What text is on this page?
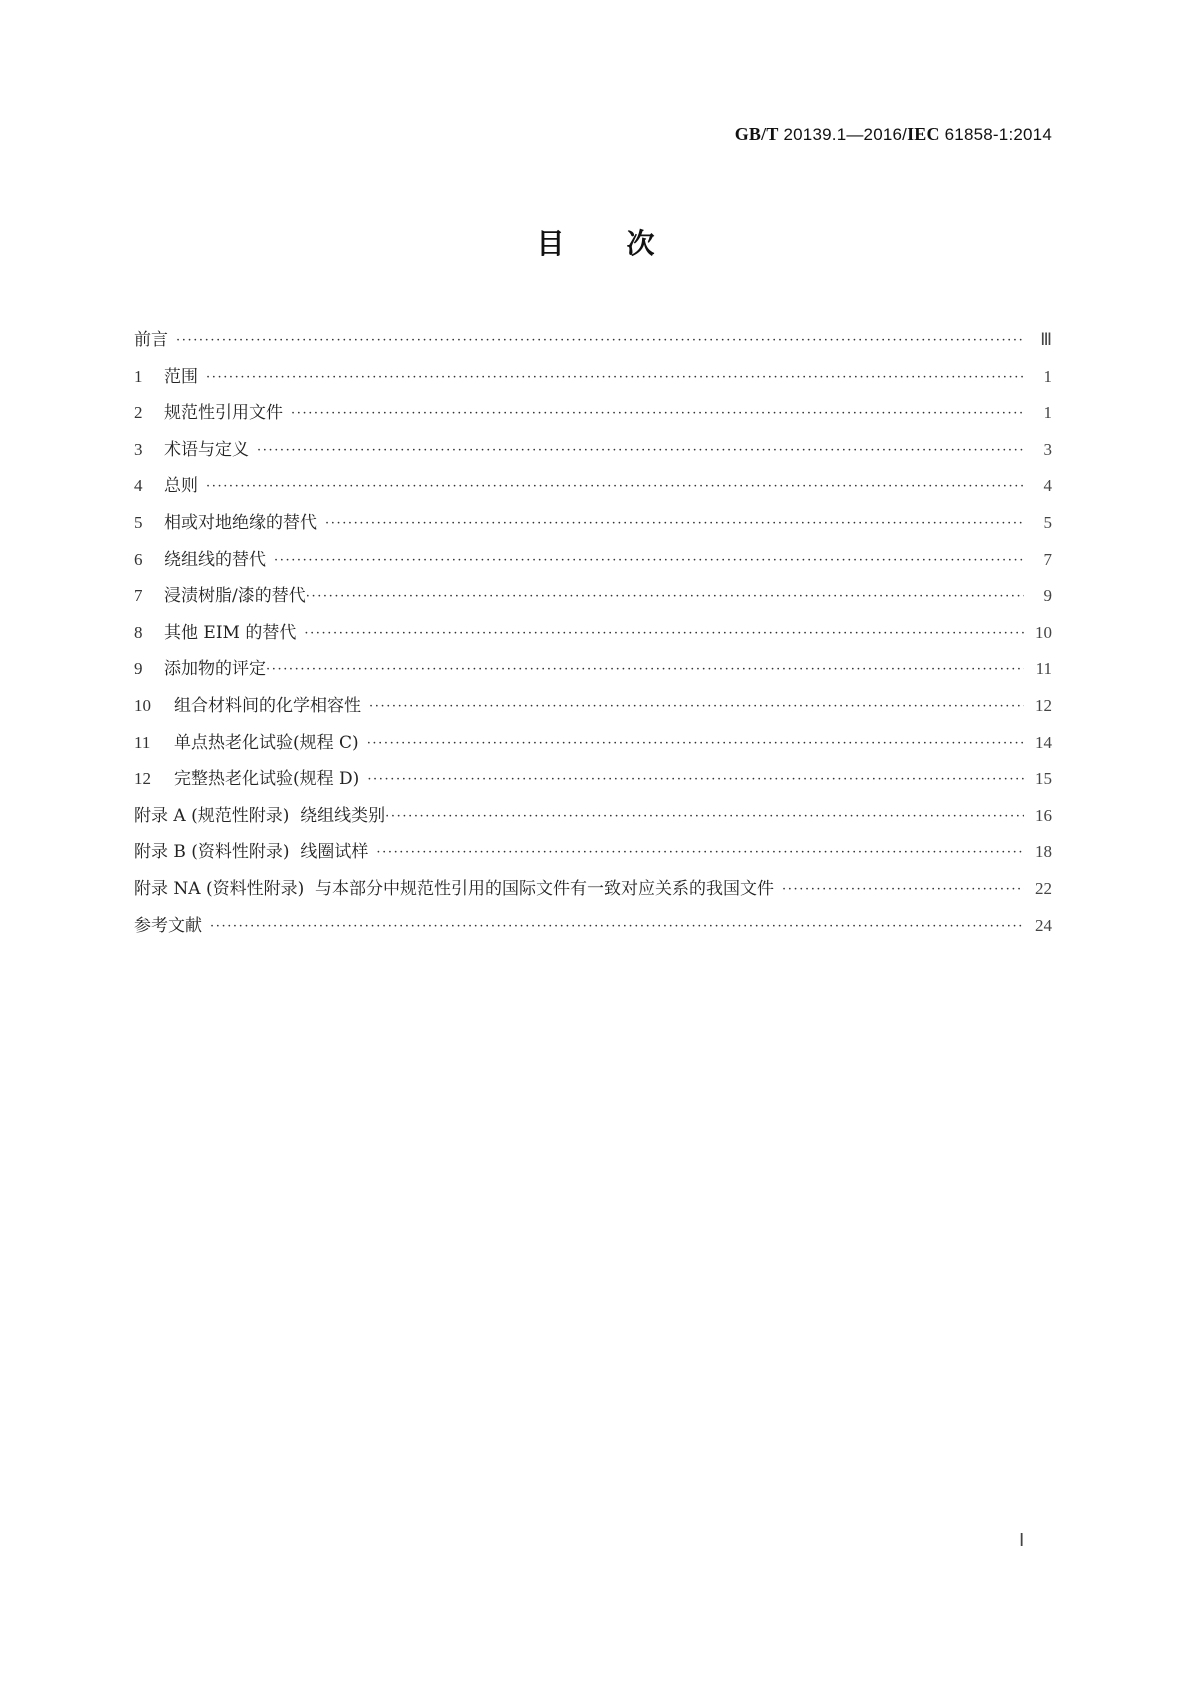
GB/T 20139.1—2016/IEC 61858-1:2014
目 次
前言 ·····	Ⅲ
1	范围 ·····	1
2	规范性引用文件 ·····	1
3	术语与定义 ·····	3
4	总则 ·····	4
5	相或对地绝缘的替代 ·····	5
6	绕组线的替代 ·····	7
7	浸渍树脂/漆的替代 ·····	9
8	其他 EIM 的替代 ·····	10
9	添加物的评定 ·····	11
10	组合材料间的化学相容性 ·····	12
11	单点热老化试验(规程 C) ·····	14
12	完整热老化试验(规程 D) ·····	15
附录 A (规范性附录)  绕组线类别 ·····	16
附录 B (资料性附录)  线圈试样 ·····	18
附录 NA (资料性附录)  与本部分中规范性引用的国际文件有一致对应关系的我国文件 ·····	22
参考文献 ·····	24
Ⅰ
